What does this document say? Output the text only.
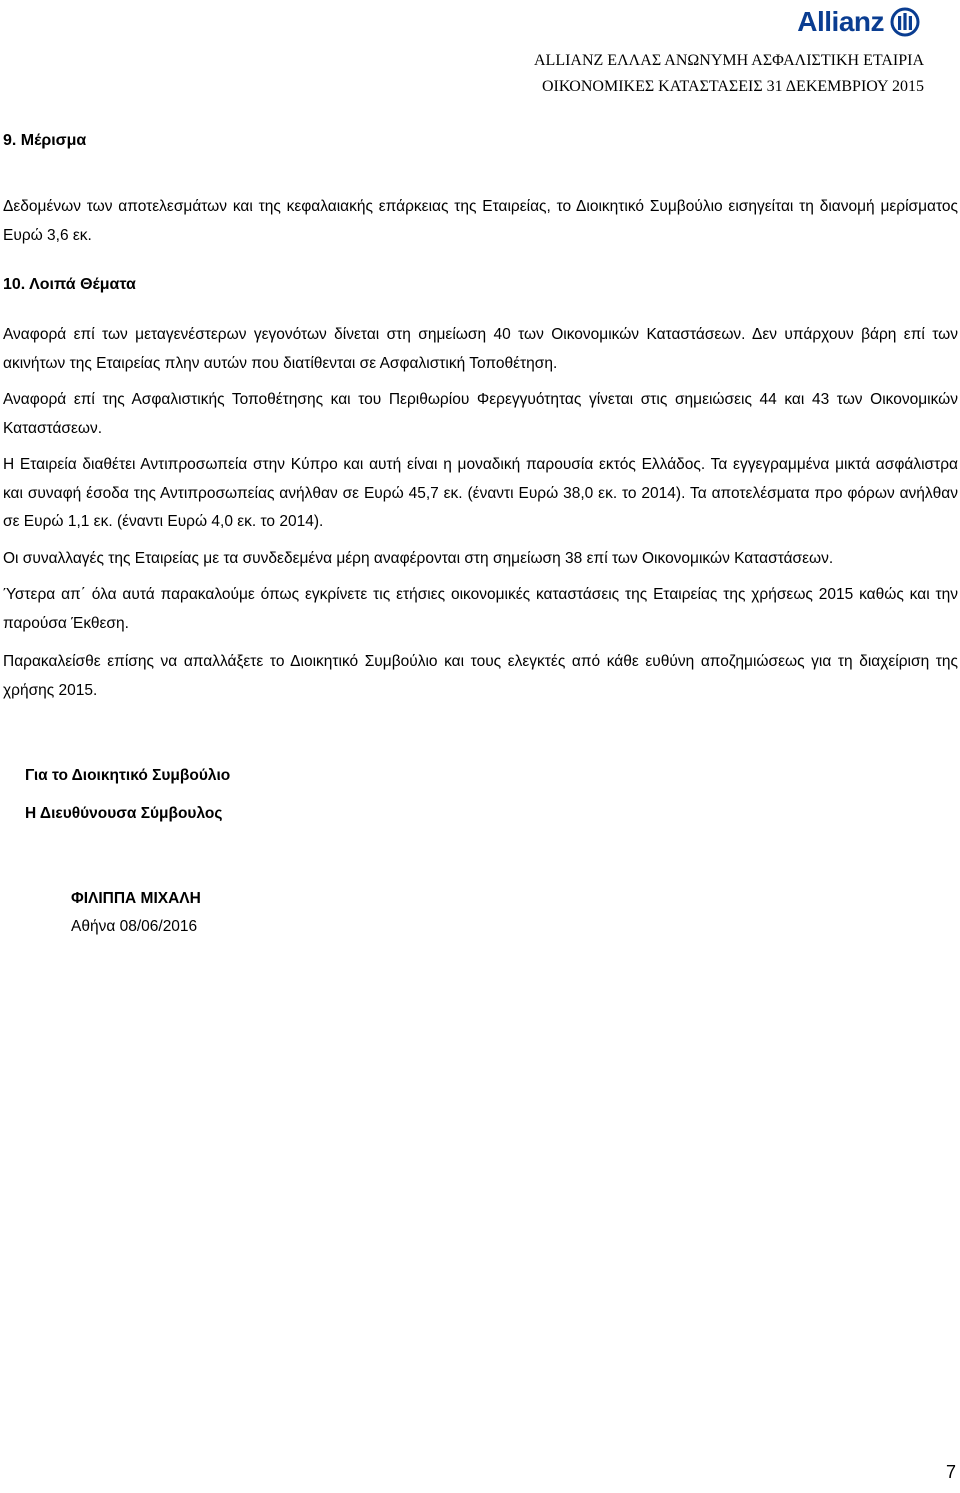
Allianz
ALLIANZ ΕΛΛΑΣ ΑΝΩΝΥΜΗ ΑΣΦΑΛΙΣΤΙΚΗ ΕΤΑΙΡΙΑ
ΟΙΚΟΝΟΜΙΚΕΣ ΚΑΤΑΣΤΑΣΕΙΣ 31 ΔΕΚΕΜΒΡΙΟΥ 2015
9. Μέρισμα

Δεδομένων των αποτελεσμάτων και της κεφαλαιακής επάρκειας της Εταιρείας, το Διοικητικό Συμβούλιο εισηγείται τη διανομή μερίσματος Ευρώ 3,6 εκ.

10. Λοιπά Θέματα

Αναφορά επί των μεταγενέστερων γεγονότων δίνεται στη σημείωση 40 των Οικονομικών Καταστάσεων. Δεν υπάρχουν βάρη επί των ακινήτων της Εταιρείας πλην αυτών που διατίθενται σε Ασφαλιστική Τοποθέτηση.

Αναφορά επί της Ασφαλιστικής Τοποθέτησης και του Περιθωρίου Φερεγγυότητας γίνεται στις σημειώσεις 44 και 43 των Οικονομικών Καταστάσεων.

Η Εταιρεία διαθέτει Αντιπροσωπεία στην Κύπρο και αυτή είναι η μοναδική παρουσία εκτός Ελλάδος. Τα εγγεγραμμένα μικτά ασφάλιστρα και συναφή έσοδα της Αντιπροσωπείας ανήλθαν σε Ευρώ 45,7 εκ. (έναντι Ευρώ 38,0 εκ. το 2014). Τα αποτελέσματα προ φόρων ανήλθαν σε Ευρώ 1,1 εκ. (έναντι Ευρώ 4,0 εκ. το 2014).

Οι συναλλαγές της Εταιρείας με τα συνδεδεμένα μέρη αναφέρονται στη σημείωση 38 επί των Οικονομικών Καταστάσεων.

Ύστερα απ΄ όλα αυτά παρακαλούμε όπως εγκρίνετε τις ετήσιες οικονομικές καταστάσεις της Εταιρείας της χρήσεως 2015 καθώς και την παρούσα Έκθεση.

Παρακαλείσθε επίσης να απαλλάξετε το Διοικητικό Συμβούλιο και τους ελεγκτές από κάθε ευθύνη αποζημιώσεως για τη διαχείριση της χρήσης 2015.

Για το Διοικητικό Συμβούλιο
Η Διευθύνουσα Σύμβουλος
ΦΙΛΙΠΠΑ ΜΙΧΑΛΗ
Αθήνα 08/06/2016
7
